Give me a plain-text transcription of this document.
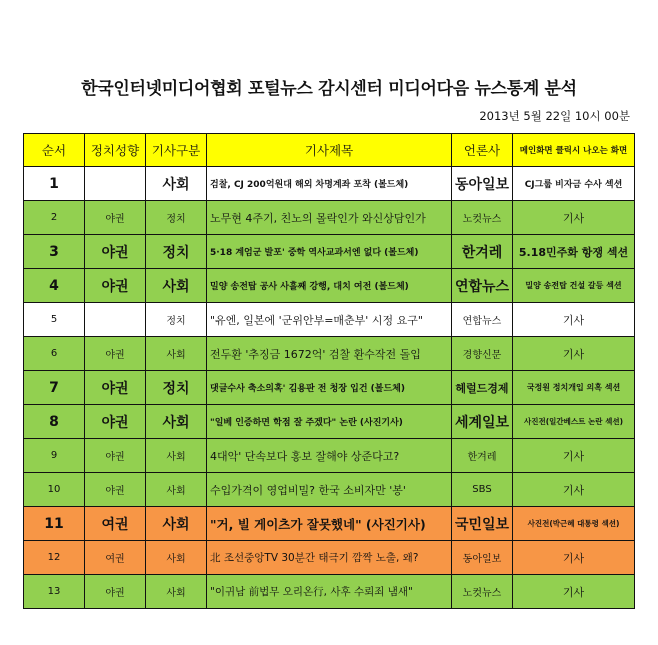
한국인터넷미디어협회 포털뉴스 감시센터 미디어다음 뉴스통계 분석
2013년 5월 22일 10시 00분
순서	정치성향	기사구분	기사제목	언론사	메인화면 클릭시 나오는 화면
1		사회	검찰, CJ 200억원대 해외 차명계좌 포착 (볼드체)	동아일보	CJ그룹 비자금 수사 섹션
2	야권	정치	노무현 4주기, 친노의 몰락인가 와신상담인가	노컷뉴스	기사
3	야권	정치	5·18 계엄군 발포' 중학 역사교과서엔 없다 (볼드체)	한겨레	5.18민주화 항쟁 섹션
4	야권	사회	밀양 송전탑 공사 사흘째 강행, 대치 여전 (볼드체)	연합뉴스	밀양 송전탑 건설 갈등 섹션
5		정치	"유엔, 일본에 '군위안부=매춘부' 시정 요구"	연합뉴스	기사
6	야권	사회	전두환 '추징금 1672억' 검찰 환수작전 돌입	경향신문	기사
7	야권	정치	댓글수사 축소의혹' 김용판 전 청장 입건 (볼드체)	헤럴드경제	국정원 정치개입 의혹 섹션
8	야권	사회	"일베 인증하면 학점 잘 주겠다" 논란 (사진기사)	세계일보	사진전(일간베스트 논란 섹션)
9	야권	사회	4대악' 단속보다 홍보 잘해야 상준다고?	한겨레	기사
10	야권	사회	수입가격이 영업비밀? 한국 소비자만 '봉'	SBS	기사
11	여권	사회	"거, 빌 게이츠가 잘못했네" (사진기사)	국민일보	사진전(박근혜 대통령 섹션)
12	여권	사회	北 조선중앙TV 30분간 태극기 깜짝 노출, 왜?	동아일보	기사
13	야권	사회	"이귀남 前법무 오리온行, 사후 수뢰죄 냄새"	노컷뉴스	기사
